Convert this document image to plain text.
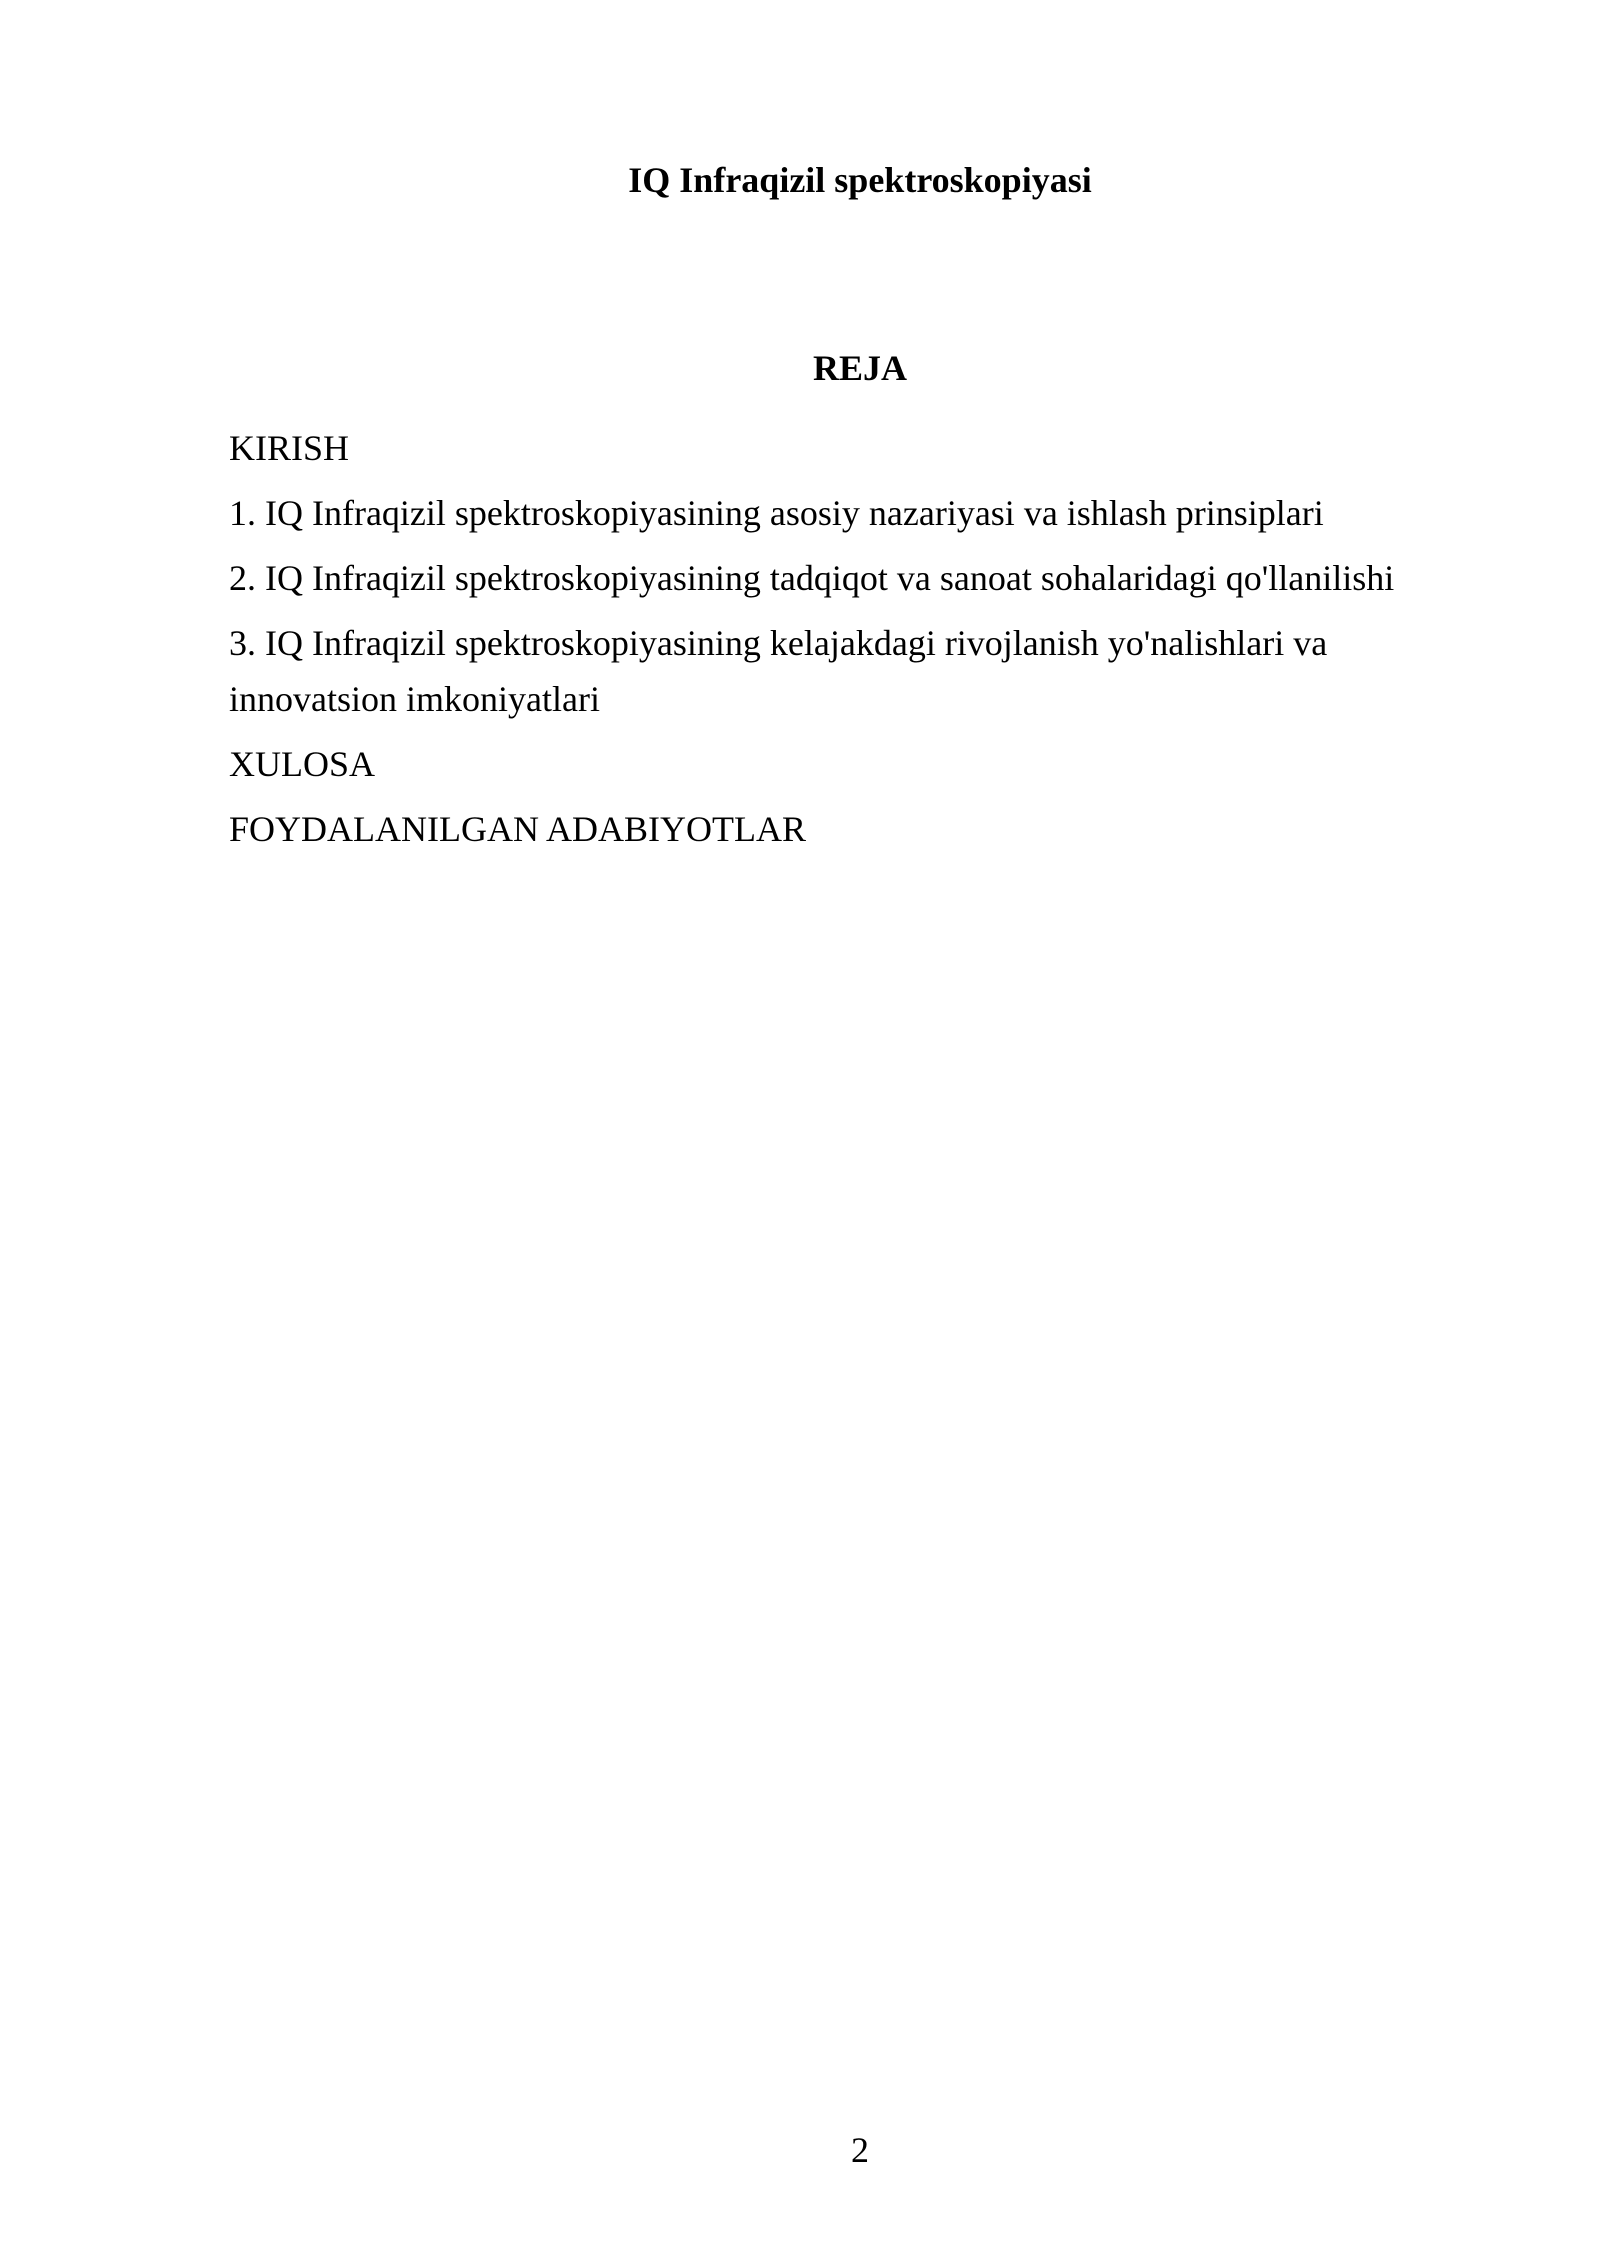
IQ Infraqizil spektroskopiyasi
REJA
KIRISH
1. IQ Infraqizil spektroskopiyasining asosiy nazariyasi va ishlash prinsiplari
2. IQ Infraqizil spektroskopiyasining tadqiqot va sanoat sohalaridagi qo'llanilishi
3. IQ Infraqizil spektroskopiyasining kelajakdagi rivojlanish yo'nalishlari va innovatsion imkoniyatlari
XULOSA
FOYDALANILGAN ADABIYOTLAR
2
